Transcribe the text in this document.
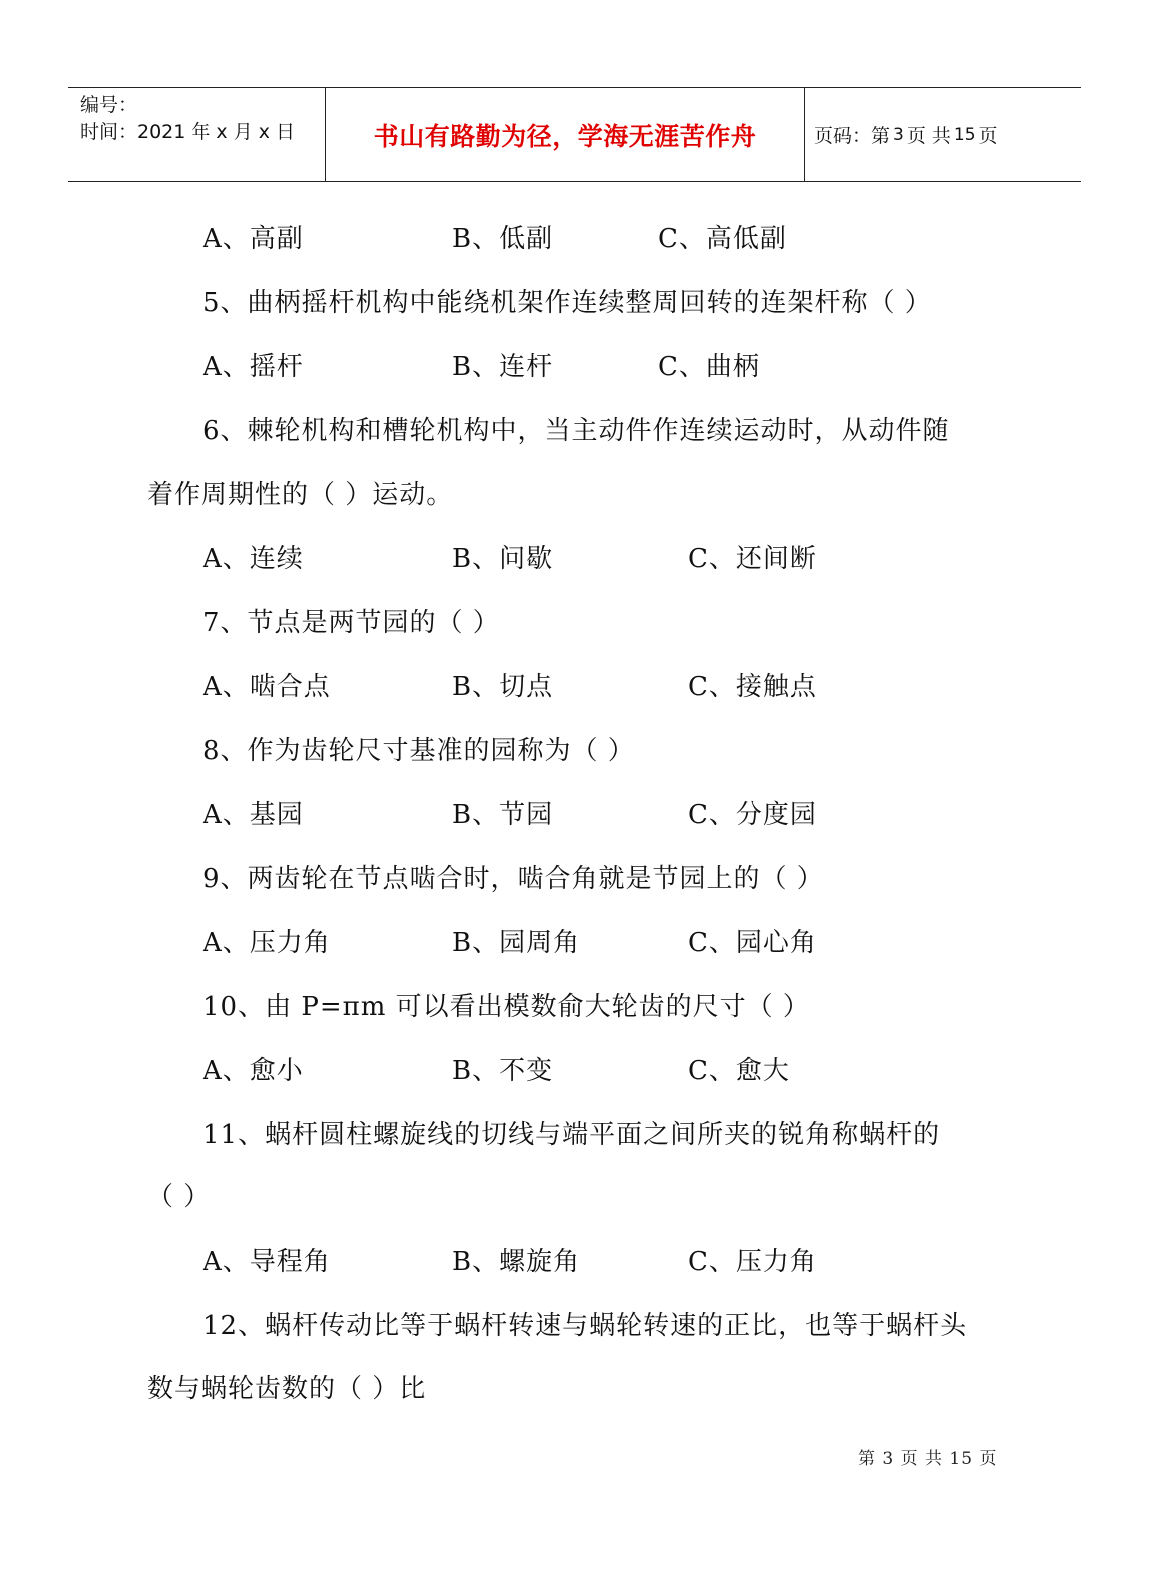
编号：
时间：2021 年 x 月 x 日	书山有路勤为径，学海无涯苦作舟	页码：第 3 页 共 15 页
A、高副	B、低副	C、高低副
5、曲柄摇杆机构中能绕机架作连续整周回转的连架杆称（ ）
A、摇杆	B、连杆	C、曲柄
6、棘轮机构和槽轮机构中，当主动件作连续运动时，从动件随
着作周期性的（ ）运动。
A、连续	B、问歇	C、还间断
7、节点是两节园的（ ）
A、啮合点	B、切点	C、接触点
8、作为齿轮尺寸基准的园称为（ ）
A、基园	B、节园	C、分度园
9、两齿轮在节点啮合时，啮合角就是节园上的（ ）
A、压力角	B、园周角	C、园心角
10、由 P=πm 可以看出模数俞大轮齿的尺寸（ ）
A、愈小	B、不变	C、愈大
11、蜗杆圆柱螺旋线的切线与端平面之间所夹的锐角称蜗杆的
（ ）
A、导程角	B、螺旋角	C、压力角
12、蜗杆传动比等于蜗杆转速与蜗轮转速的正比，也等于蜗杆头
数与蜗轮齿数的（ ）比
第 3 页 共 15 页
